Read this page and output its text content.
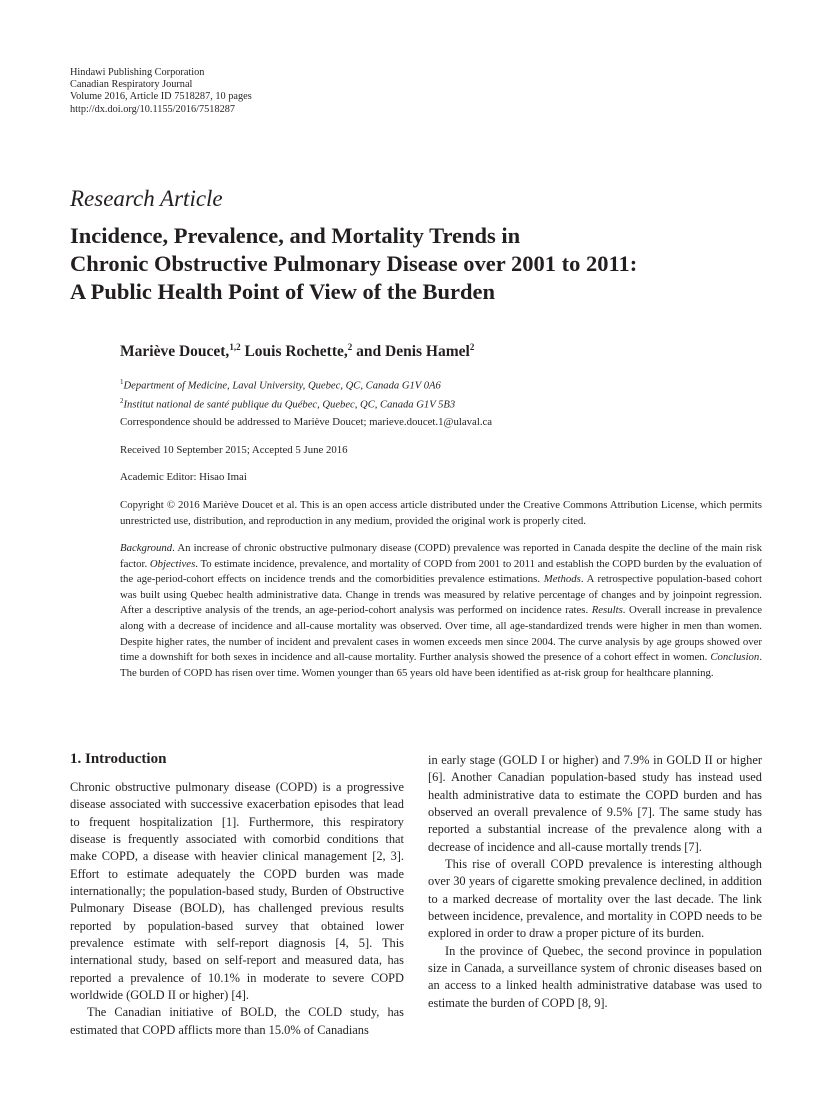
Hindawi Publishing Corporation
Canadian Respiratory Journal
Volume 2016, Article ID 7518287, 10 pages
http://dx.doi.org/10.1155/2016/7518287
Research Article
Incidence, Prevalence, and Mortality Trends in
Chronic Obstructive Pulmonary Disease over 2001 to 2011:
A Public Health Point of View of the Burden
Mariève Doucet,$^{1,2}$ Louis Rochette,$^2$ and Denis Hamel$^2$
$^1$Department of Medicine, Laval University, Quebec, QC, Canada G1V 0A6
$^2$Institut national de santé publique du Québec, Quebec, QC, Canada G1V 5B3
Correspondence should be addressed to Mariève Doucet; marieve.doucet.1@ulaval.ca
Received 10 September 2015; Accepted 5 June 2016
Academic Editor: Hisao Imai
Copyright © 2016 Mariève Doucet et al. This is an open access article distributed under the Creative Commons Attribution License, which permits unrestricted use, distribution, and reproduction in any medium, provided the original work is properly cited.
Background. An increase of chronic obstructive pulmonary disease (COPD) prevalence was reported in Canada despite the decline of the main risk factor. Objectives. To estimate incidence, prevalence, and mortality of COPD from 2001 to 2011 and establish the COPD burden by the evaluation of the age-period-cohort effects on incidence trends and the comorbidities prevalence estimations. Methods. A retrospective population-based cohort was built using Quebec health administrative data. Change in trends was measured by relative percentage of changes and by joinpoint regression. After a descriptive analysis of the trends, an age-period-cohort analysis was performed on incidence rates. Results. Overall increase in prevalence along with a decrease of incidence and all-cause mortality was observed. Over time, all age-standardized trends were higher in men than women. Despite higher rates, the number of incident and prevalent cases in women exceeds men since 2004. The curve analysis by age groups showed over time a downshift for both sexes in incidence and all-cause mortality. Further analysis showed the presence of a cohort effect in women. Conclusion. The burden of COPD has risen over time. Women younger than 65 years old have been identified as at-risk group for healthcare planning.
1. Introduction

Chronic obstructive pulmonary disease (COPD) is a progressive disease associated with successive exacerbation episodes that lead to frequent hospitalization [1]. Furthermore, this respiratory disease is frequently associated with comorbid conditions that make COPD, a disease with heavier clinical management [2, 3]. Effort to estimate adequately the COPD burden was made internationally; the population-based study, Burden of Obstructive Pulmonary Disease (BOLD), has challenged previous results reported by population-based survey that obtained lower prevalence estimate with self-report diagnosis [4, 5]. This international study, based on self-report and measured data, has reported a prevalence of 10.1% in moderate to severe COPD worldwide (GOLD II or higher) [4].

The Canadian initiative of BOLD, the COLD study, has estimated that COPD afflicts more than 15.0% of Canadians

in early stage (GOLD I or higher) and 7.9% in GOLD II or higher [6]. Another Canadian population-based study has instead used health administrative data to estimate the COPD burden and has observed an overall prevalence of 9.5% [7]. The same study has reported a substantial increase of the prevalence along with a decrease of incidence and all-cause mortally trends [7].

This rise of overall COPD prevalence is interesting although over 30 years of cigarette smoking prevalence declined, in addition to a marked decrease of mortality over the last decade. The link between incidence, prevalence, and mortality in COPD needs to be explored in order to draw a proper picture of its burden.

In the province of Quebec, the second province in population size in Canada, a surveillance system of chronic diseases based on an access to a linked health administrative database was used to estimate the burden of COPD [8, 9].
